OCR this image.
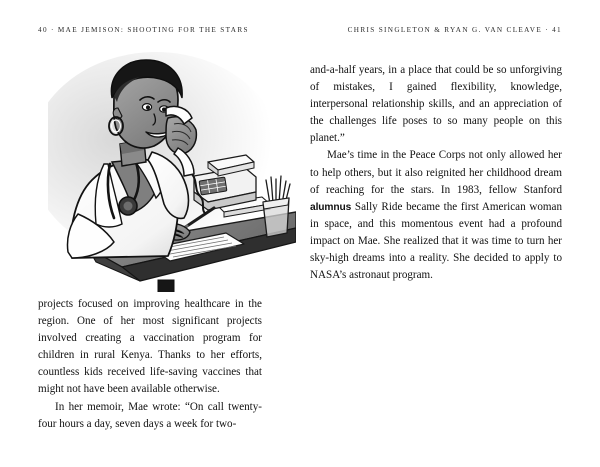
40 · MAE JEMISON: SHOOTING FOR THE STARS	CHRIS SINGLETON & RYAN G. VAN CLEAVE · 41

projects focused on improving healthcare in the region. One of her most significant projects involved creating a vaccination program for children in rural Kenya. Thanks to her efforts, countless kids received life-saving vaccines that might not have been available otherwise.

In her memoir, Mae wrote: “On call twenty-four hours a day, seven days a week for two-

and-a-half years, in a place that could be so unforgiving of mistakes, I gained flexibility, knowledge, interpersonal relationship skills, and an appreciation of the challenges life poses to so many people on this planet.”

Mae’s time in the Peace Corps not only allowed her to help others, but it also reignited her childhood dream of reaching for the stars. In 1983, fellow Stanford alumnus Sally Ride became the first American woman in space, and this momentous event had a profound impact on Mae. She realized that it was time to turn her sky-high dreams into a reality. She decided to apply to NASA’s astronaut program.
